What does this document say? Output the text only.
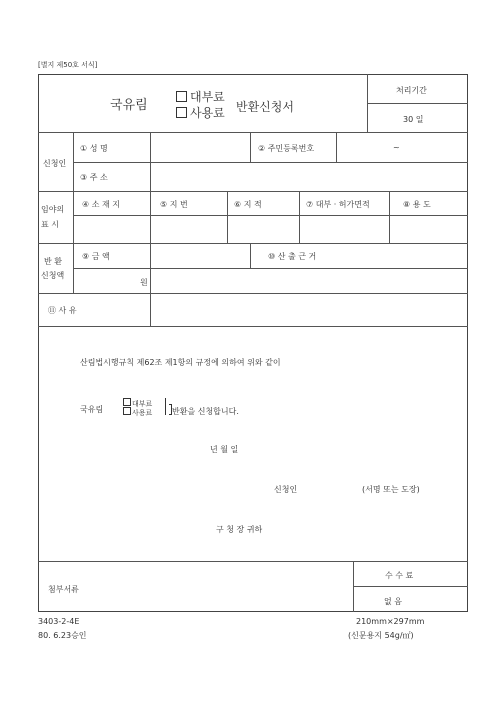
[별지 제50호 서식]
국유림
대부료
사용료 반환신청서
처리기간
30 일
신청인
① 성 명	② 주민등록번호	~
③ 주 소
임야의
표 시
④ 소 재 지	⑤ 지 번	⑥ 지 적	⑦ 대부 · 허가면적	⑧ 용 도
반 환
신청액
⑨ 금 액	⑩ 산 출 근 거
원
⑪ 사 유
산림법시행규칙 제62조 제1항의 규정에 의하여 위와 같이
국유림
대부료
사용료	반환을 신청합니다.
년 월 일
신청인	(서명 또는 도장)
구 청 장 귀하
첨부서류
수 수 료
없 음
3403-2-4E	210mm×297mm
80. 6.23승인	(신문용지 54g/㎡)
